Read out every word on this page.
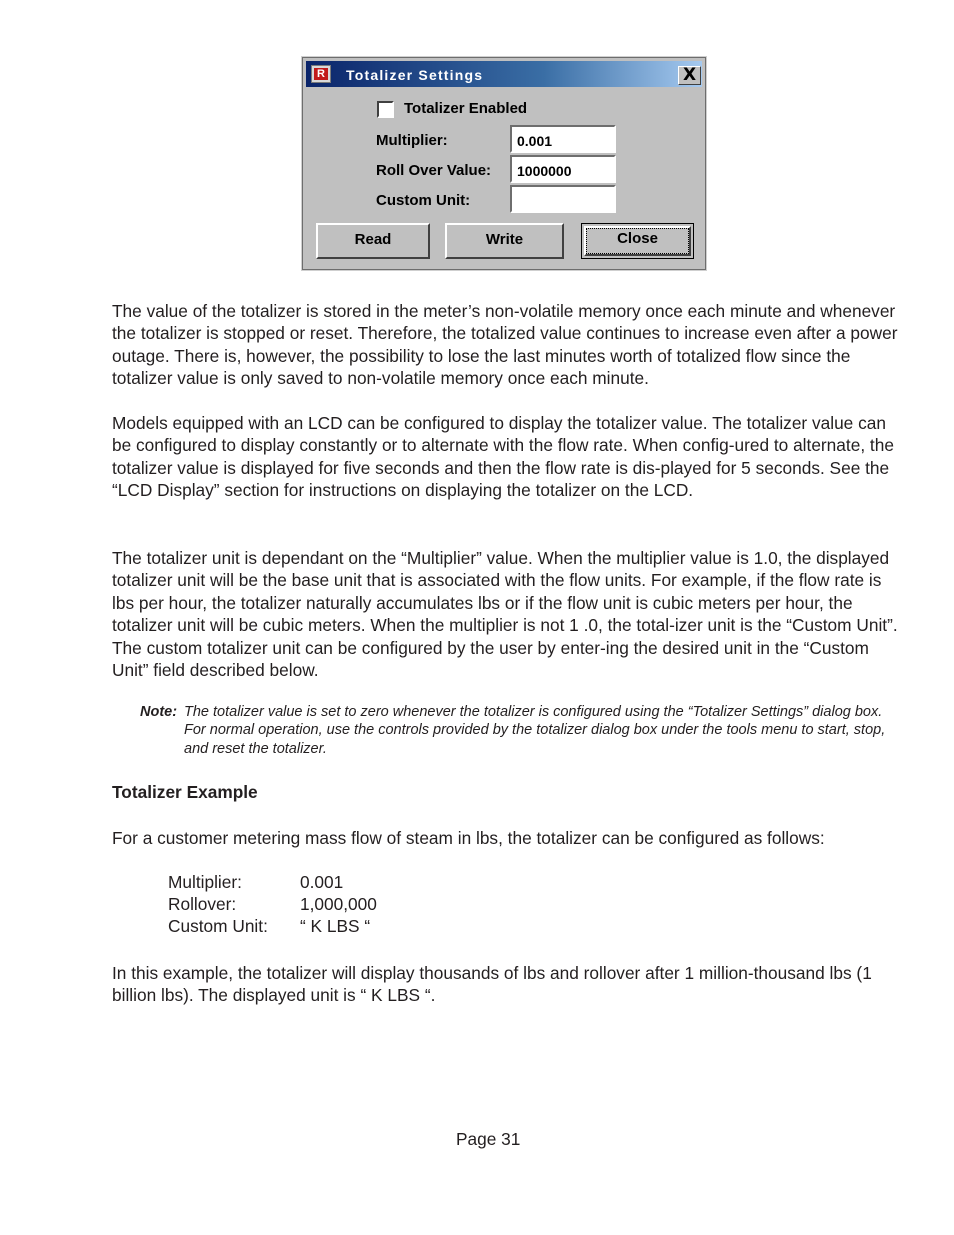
R Totalizer Settings	X
Totalizer Enabled
Multiplier:	0.001
Roll Over Value:	1000000
Custom Unit:
Read	Write	Close

The value of the totalizer is stored in the meter’s non-volatile memory once each minute and whenever the totalizer is stopped or reset. Therefore, the totalized value continues to increase even after a power outage. There is, however, the possibility to lose the last minutes worth of totalized flow since the totalizer value is only saved to non-volatile memory once each minute.

Models equipped with an LCD can be configured to display the totalizer value. The totalizer value can be configured to display constantly or to alternate with the flow rate. When config-ured to alternate, the totalizer value is displayed for five seconds and then the flow rate is dis-played for 5 seconds. See the “LCD Display” section for instructions on displaying the totalizer on the LCD.

The totalizer unit is dependant on the “Multiplier” value. When the multiplier value is 1.0, the displayed totalizer unit will be the base unit that is associated with the flow units. For example, if the flow rate is lbs per hour, the totalizer naturally accumulates lbs or if the flow unit is cubic meters per hour, the totalizer unit will be cubic meters. When the multiplier is not 1 .0, the total-izer unit is the “Custom Unit”. The custom totalizer unit can be configured by the user by enter-ing the desired unit in the “Custom Unit” field described below.

Note: The totalizer value is set to zero whenever the totalizer is configured using the “Totalizer Settings” dialog box. For normal operation, use the controls provided by the totalizer dialog box under the tools menu to start, stop, and reset the totalizer.
Totalizer Example

For a customer metering mass flow of steam in lbs, the totalizer can be configured as follows:

Multiplier:	0.001
Rollover:	1,000,000
Custom Unit: “ K LBS “

In this example, the totalizer will display thousands of lbs and rollover after 1 million-thousand lbs (1 billion lbs). The displayed unit is “ K LBS “.

Page 31
